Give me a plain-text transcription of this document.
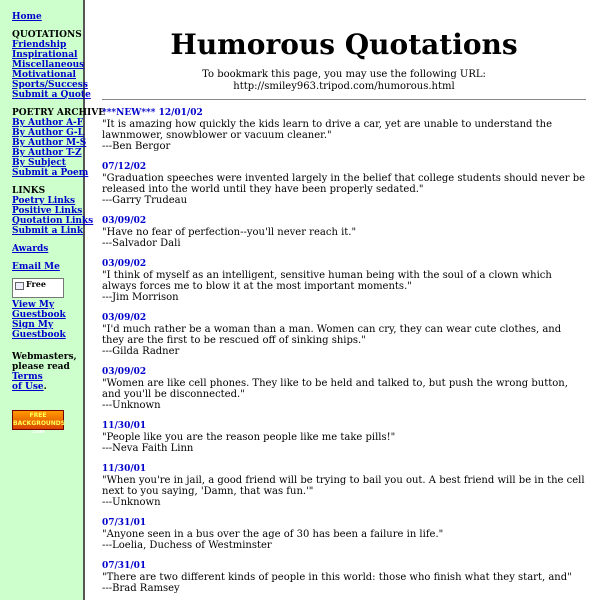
Home
QUOTATIONS
Friendship
Inspirational
Miscellaneous
Motivational
Sports/Success
Submit a Quote
POETRY ARCHIVE
By Author A-F
By Author G-L
By Author M-S
By Author T-Z
By Subject
Submit a Poem
LINKS
Poetry Links
Positive Links
Quotation Links
Submit a Link
Awards
Email Me
Free
View My
Guestbook
Sign My
Guestbook
Webmasters,
please read Terms
of Use.
FREE BACKGROUNDS
.com
Humorous Quotations
To bookmark this page, you may use the following URL:
http://smiley963.tripod.com/humorous.html
***NEW*** 12/01/02
"It is amazing how quickly the kids learn to drive a car, yet are unable to understand the lawnmower, snowblower or vacuum cleaner."
---Ben Bergor
07/12/02
"Graduation speeches were invented largely in the belief that college students should never be released into the world until they have been properly sedated."
---Garry Trudeau
03/09/02
"Have no fear of perfection--you'll never reach it."
---Salvador Dali
03/09/02
"I think of myself as an intelligent, sensitive human being with the soul of a clown which always forces me to blow it at the most important moments."
---Jim Morrison
03/09/02
"I'd much rather be a woman than a man. Women can cry, they can wear cute clothes, and they are the first to be rescued off of sinking ships."
---Gilda Radner
03/09/02
"Women are like cell phones. They like to be held and talked to, but push the wrong button, and you'll be disconnected."
---Unknown
11/30/01
"People like you are the reason people like me take pills!"
---Neva Faith Linn
11/30/01
"When you're in jail, a good friend will be trying to bail you out. A best friend will be in the cell next to you saying, 'Damn, that was fun.'"
---Unknown
07/31/01
"Anyone seen in a bus over the age of 30 has been a failure in life."
---Loelia, Duchess of Westminster
07/31/01
"There are two different kinds of people in this world: those who finish what they start, and"
---Brad Ramsey
